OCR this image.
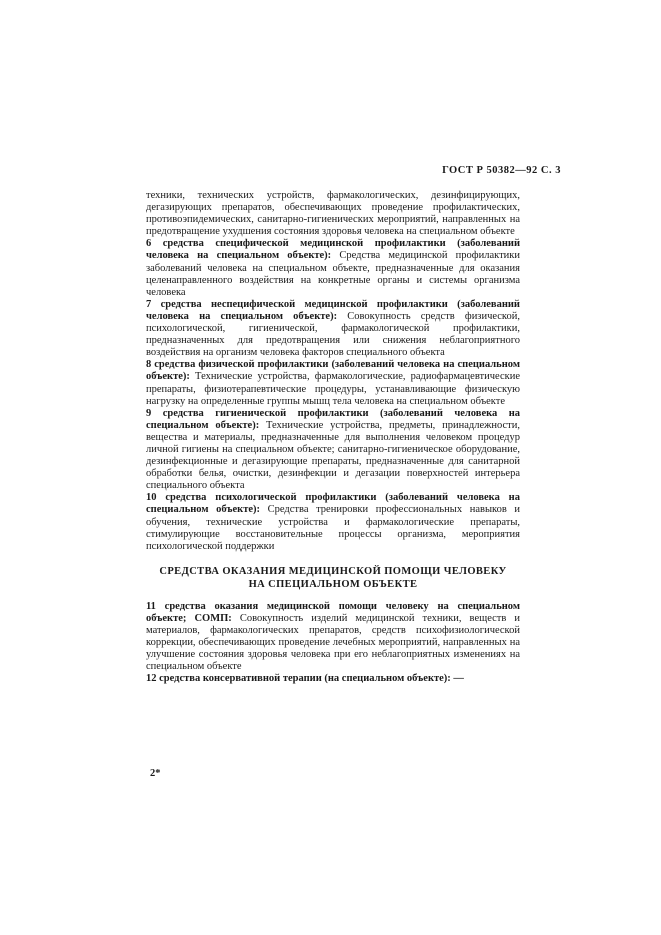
ГОСТ Р 50382—92 С. 3

техники, технических устройств, фармакологических, дезинфицирующих, дегазирующих препаратов, обеспечивающих проведение профилактических, противоэпидемических, санитарно-гигиенических мероприятий, направленных на предотвращение ухудшения состояния здоровья человека на специальном объекте

6 средства специфической медицинской профилактики (заболеваний человека на специальном объекте): Средства медицинской профилактики заболеваний человека на специальном объекте, предназначенные для оказания целенаправленного воздействия на конкретные органы и системы организма человека

7 средства неспецифической медицинской профилактики (заболеваний человека на специальном объекте): Совокупность средств физической, психологической, гигиенической, фармакологической профилактики, предназначенных для предотвращения или снижения неблагоприятного воздействия на организм человека факторов специального объекта

8 средства физической профилактики (заболеваний человека на специальном объекте): Технические устройства, фармакологические, радиофармацевтические препараты, физиотерапевтические процедуры, устанавливающие физическую нагрузку на определенные группы мышц тела человека на специальном объекте

9 средства гигиенической профилактики (заболеваний человека на специальном объекте): Технические устройства, предметы, принадлежности, вещества и материалы, предназначенные для выполнения человеком процедур личной гигиены на специальном объекте; санитарно-гигиеническое оборудование, дезинфекционные и дегазирующие препараты, предназначенные для санитарной обработки белья, очистки, дезинфекции и дегазации поверхностей интерьера специального объекта

10 средства психологической профилактики (заболеваний человека на специальном объекте): Средства тренировки профессиональных навыков и обучения, технические устройства и фармакологические препараты, стимулирующие восстановительные процессы организма, мероприятия психологической поддержки

СРЕДСТВА ОКАЗАНИЯ МЕДИЦИНСКОЙ ПОМОЩИ ЧЕЛОВЕКУ
НА СПЕЦИАЛЬНОМ ОБЪЕКТЕ

11 средства оказания медицинской помощи человеку на специальном объекте; СОМП: Совокупность изделий медицинской техники, веществ и материалов, фармакологических препаратов, средств психофизиологической коррекции, обеспечивающих проведение лечебных мероприятий, направленных на улучшение состояния здоровья человека при его неблагоприятных изменениях на специальном объекте

12 средства консервативной терапии (на специальном объекте): —

2*
